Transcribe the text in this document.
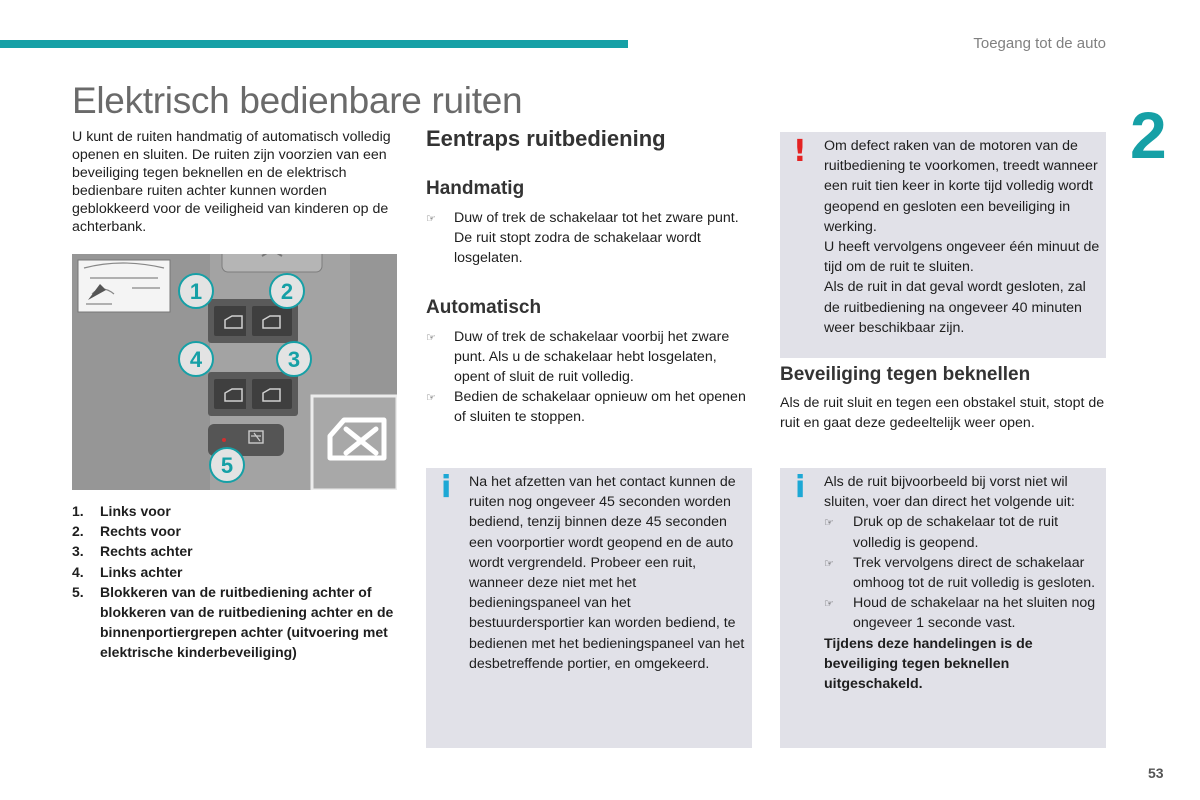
Toegang tot de auto
2
Elektrisch bedienbare ruiten

U kunt de ruiten handmatig of automatisch volledig openen en sluiten. De ruiten zijn voorzien van een beveiliging tegen beknellen en de elektrisch bedienbare ruiten achter kunnen worden geblokkeerd voor de veiligheid van kinderen op de achterbank.

1	2
3
4
5
1.	Links voor
2.	Rechts voor
3.	Rechts achter
4.	Links achter
5.	Blokkeren van de ruitbediening achter of blokkeren van de ruitbediening achter en de binnenportiergrepen achter (uitvoering met elektrische kinderbeveiliging)
Eentraps ruitbediening
Handmatig
☞	Duw of trek de schakelaar tot het zware punt. De ruit stopt zodra de schakelaar wordt losgelaten.
Automatisch
☞	Duw of trek de schakelaar voorbij het zware punt. Als u de schakelaar hebt losgelaten, opent of sluit de ruit volledig.
☞	Bedien de schakelaar opnieuw om het openen of sluiten te stoppen.
i Na het afzetten van het contact kunnen de ruiten nog ongeveer 45 seconden worden bediend, tenzij binnen deze 45 seconden een voorportier wordt geopend en de auto wordt vergrendeld. Probeer een ruit, wanneer deze niet met het bedieningspaneel van het bestuurdersportier kan worden bediend, te bedienen met het bedieningspaneel van het desbetreffende portier, en omgekeerd.

! Om defect raken van de motoren van de ruitbediening te voorkomen, treedt wanneer een ruit tien keer in korte tijd volledig wordt geopend en gesloten een beveiliging in werking.

U heeft vervolgens ongeveer één minuut de tijd om de ruit te sluiten.

Als de ruit in dat geval wordt gesloten, zal de ruitbediening na ongeveer 40 minuten weer beschikbaar zijn.

Beveiliging tegen beknellen

Als de ruit sluit en tegen een obstakel stuit, stopt de ruit en gaat deze gedeeltelijk weer open.

i Als de ruit bijvoorbeeld bij vorst niet wil sluiten, voer dan direct het volgende uit:

☞	Druk op de schakelaar tot de ruit volledig is geopend.
☞	Trek vervolgens direct de schakelaar omhoog tot de ruit volledig is gesloten.
☞	Houd de schakelaar na het sluiten nog ongeveer 1 seconde vast.

Tijdens deze handelingen is de beveiliging tegen beknellen uitgeschakeld.

53
